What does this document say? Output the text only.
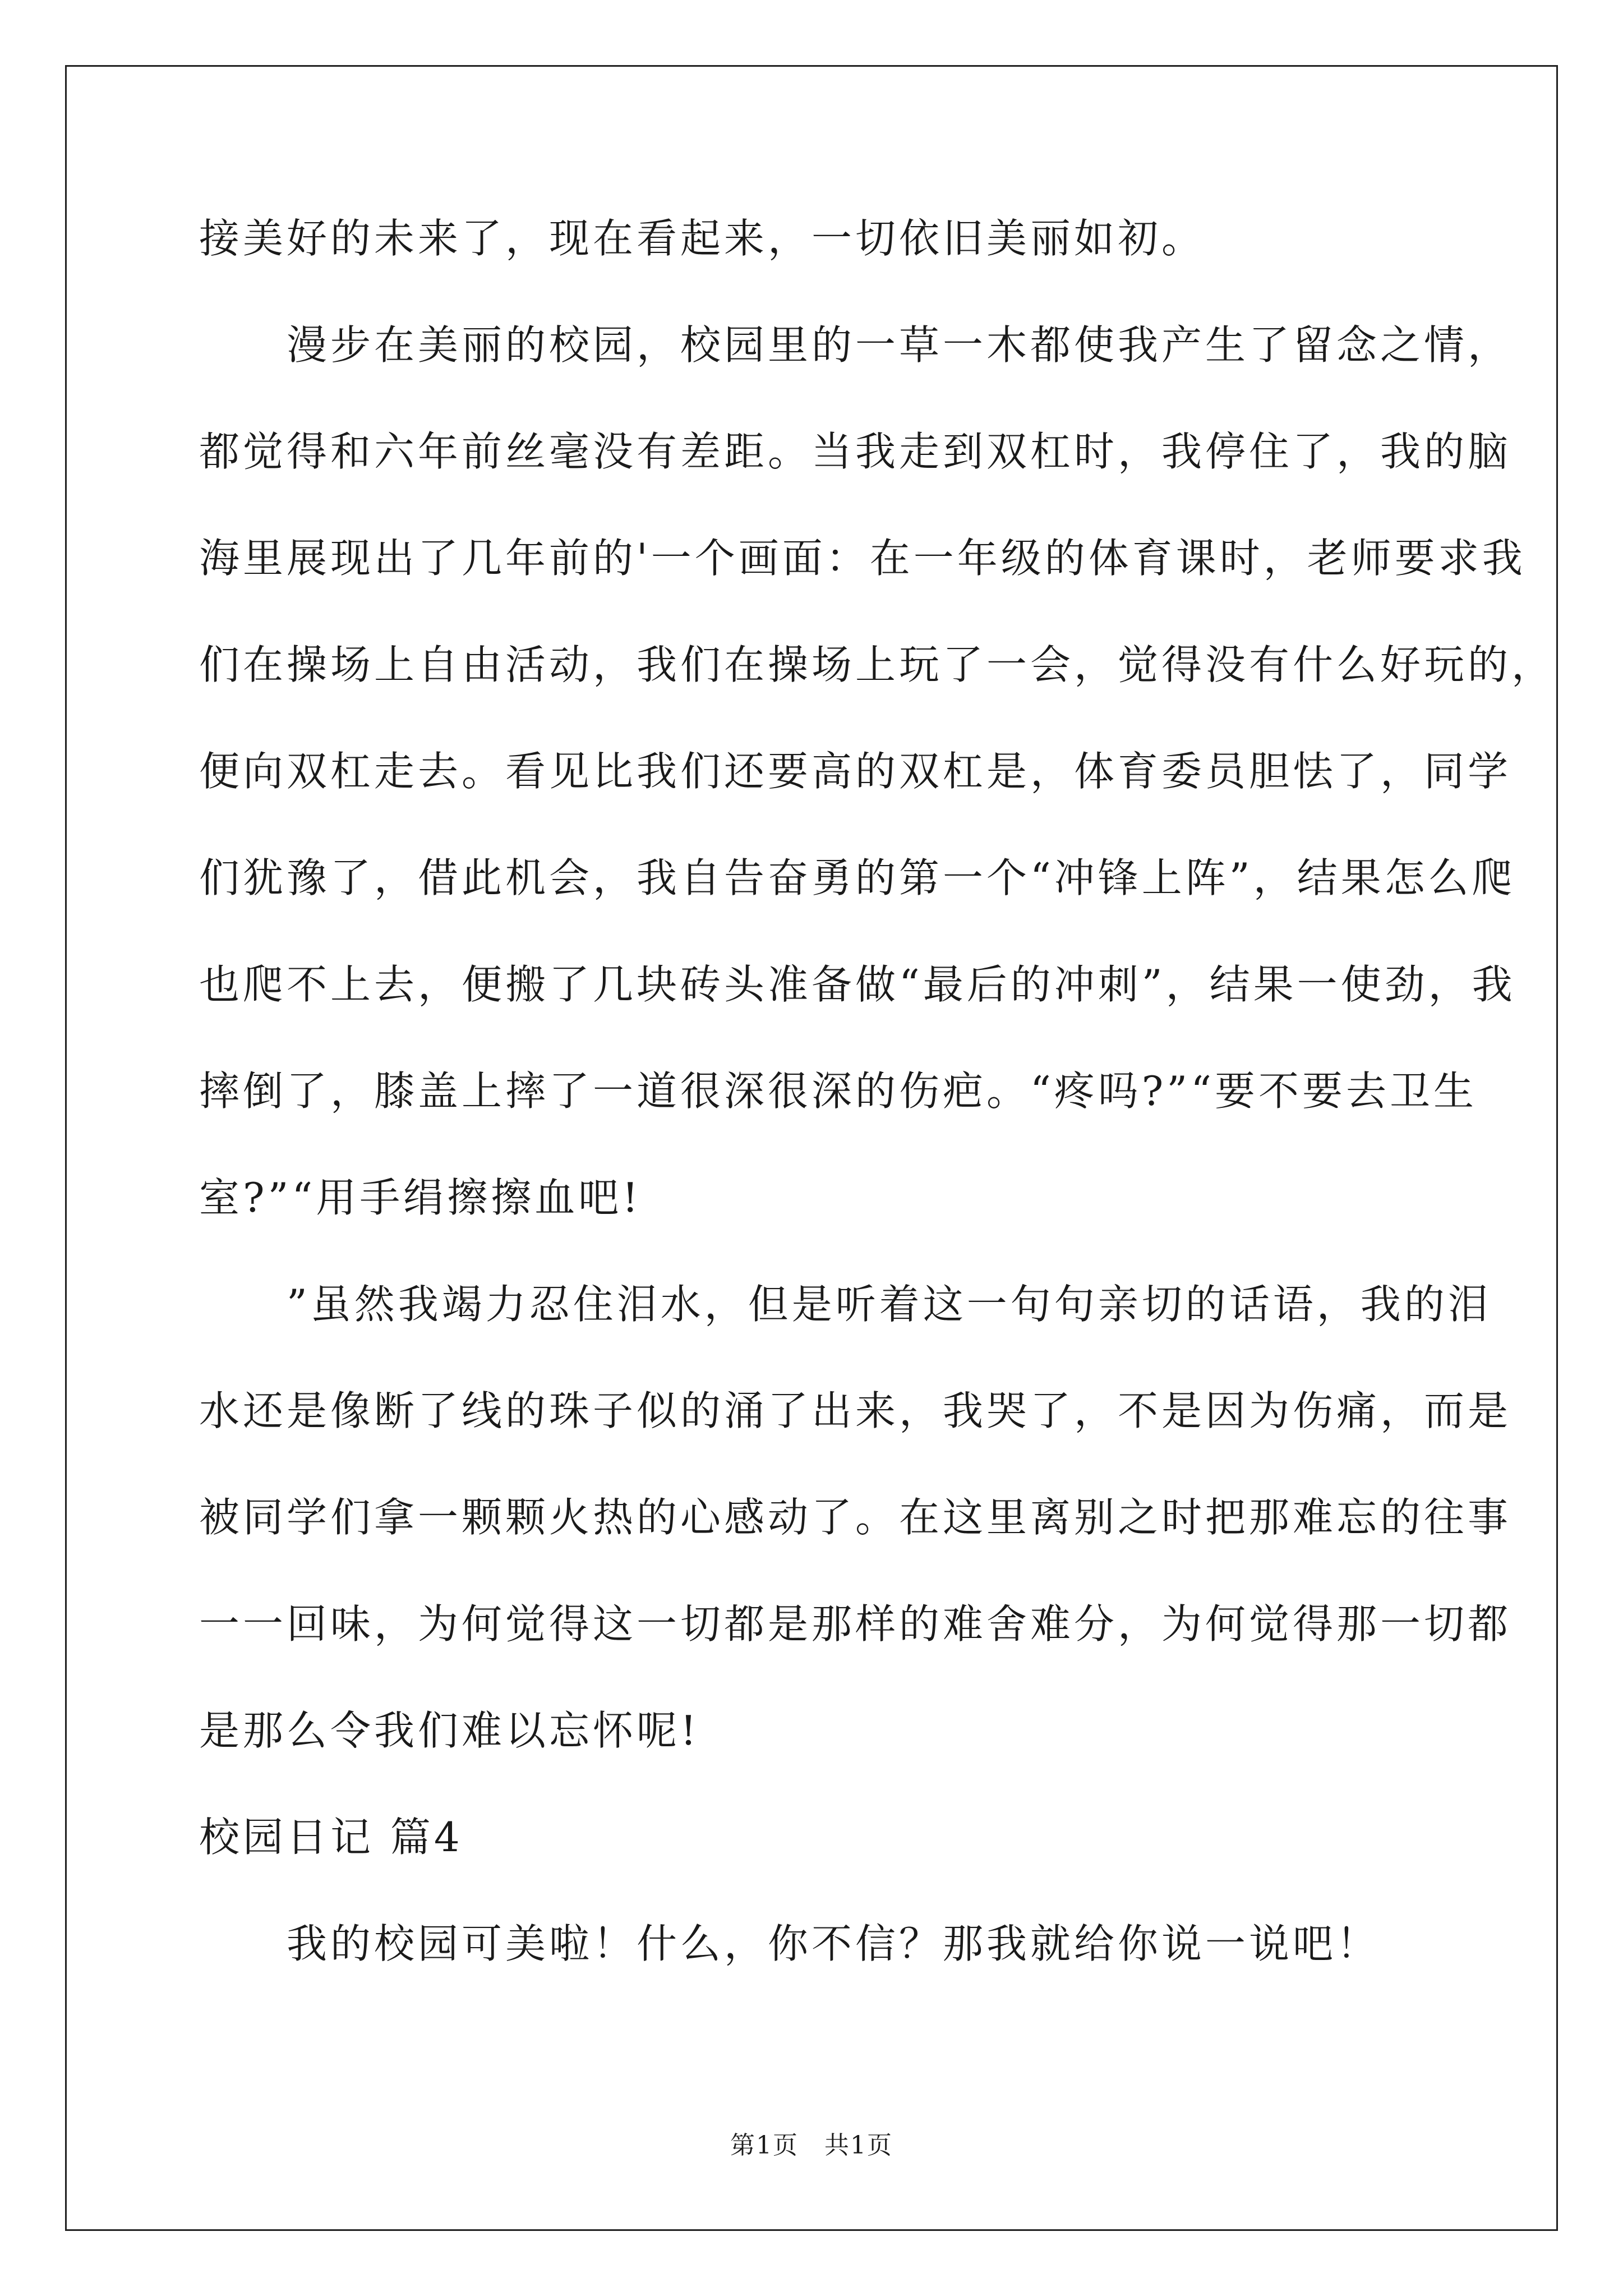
接美好的未来了，现在看起来，一切依旧美丽如初。
　　漫步在美丽的校园，校园里的一草一木都使我产生了留念之情，
都觉得和六年前丝毫没有差距。当我走到双杠时，我停住了，我的脑
海里展现出了几年前的'一个画面：在一年级的体育课时，老师要求我
们在操场上自由活动，我们在操场上玩了一会，觉得没有什么好玩的，
便向双杠走去。看见比我们还要高的双杠是，体育委员胆怯了，同学
们犹豫了，借此机会，我自告奋勇的第一个“冲锋上阵”，结果怎么爬
也爬不上去，便搬了几块砖头准备做“最后的冲刺”，结果一使劲，我
摔倒了，膝盖上摔了一道很深很深的伤疤。“疼吗?”“要不要去卫生
室?”“用手绢擦擦血吧!
　　”虽然我竭力忍住泪水，但是听着这一句句亲切的话语，我的泪
水还是像断了线的珠子似的涌了出来，我哭了，不是因为伤痛，而是
被同学们拿一颗颗火热的心感动了。在这里离别之时把那难忘的往事
一一回味，为何觉得这一切都是那样的难舍难分，为何觉得那一切都
是那么令我们难以忘怀呢!
校园日记 篇4
　　我的校园可美啦！什么，你不信？那我就给你说一说吧！
第1页　共1页
